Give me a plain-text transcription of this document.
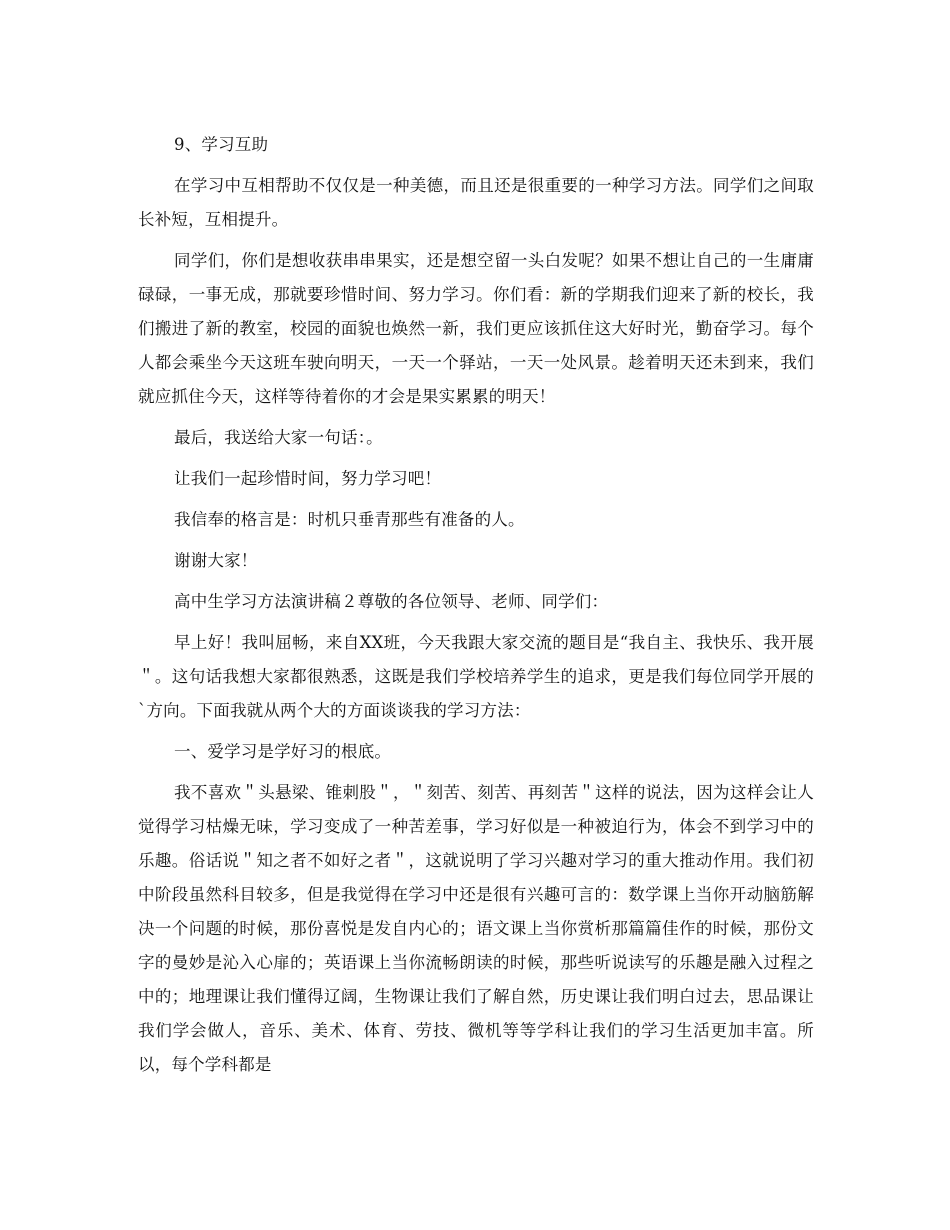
9、学习互助

在学习中互相帮助不仅仅是一种美德，而且还是很重要的一种学习方法。同学们之间取长补短，互相提升。

同学们，你们是想收获串串果实，还是想空留一头白发呢？如果不想让自己的一生庸庸碌碌，一事无成，那就要珍惜时间、努力学习。你们看：新的学期我们迎来了新的校长，我们搬进了新的教室，校园的面貌也焕然一新，我们更应该抓住这大好时光，勤奋学习。每个人都会乘坐今天这班车驶向明天，一天一个驿站，一天一处风景。趁着明天还未到来，我们就应抓住今天，这样等待着你的才会是果实累累的明天！

最后，我送给大家一句话：。

让我们一起珍惜时间，努力学习吧！

我信奉的格言是：时机只垂青那些有准备的人。

谢谢大家！

高中生学习方法演讲稿２尊敬的各位领导、老师、同学们：

早上好！我叫屈畅，来自XX班，今天我跟大家交流的题目是“我自主、我快乐、我开展＂。这句话我想大家都很熟悉，这既是我们学校培养学生的追求，更是我们每位同学开展的`方向。下面我就从两个大的方面谈谈我的学习方法：

一、爱学习是学好习的根底。

我不喜欢＂头悬梁、锥刺股＂，＂刻苦、刻苦、再刻苦＂这样的说法，因为这样会让人觉得学习枯燥无味，学习变成了一种苦差事，学习好似是一种被迫行为，体会不到学习中的乐趣。俗话说＂知之者不如好之者＂，这就说明了学习兴趣对学习的重大推动作用。我们初中阶段虽然科目较多，但是我觉得在学习中还是很有兴趣可言的：数学课上当你开动脑筋解决一个问题的时候，那份喜悦是发自内心的；语文课上当你赏析那篇篇佳作的时候，那份文字的曼妙是沁入心扉的；英语课上当你流畅朗读的时候，那些听说读写的乐趣是融入过程之中的；地理课让我们懂得辽阔，生物课让我们了解自然，历史课让我们明白过去，思品课让我们学会做人，音乐、美术、体育、劳技、微机等等学科让我们的学习生活更加丰富。所以，每个学科都是
